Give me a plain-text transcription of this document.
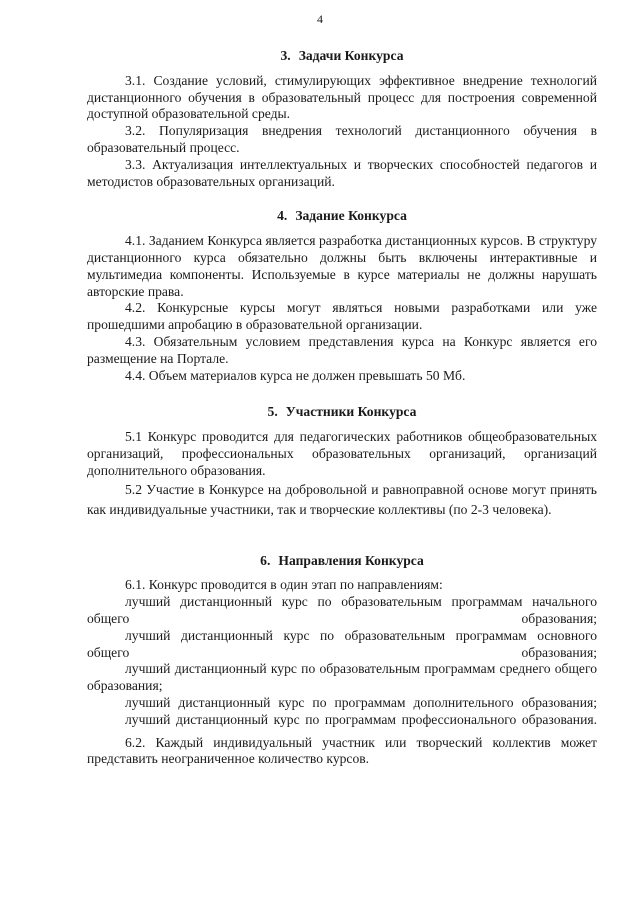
4
3. Задачи Конкурса

3.1. Создание условий, стимулирующих эффективное внедрение технологий дистанционного обучения в образовательный процесс для построения современной доступной образовательной среды.

3.2. Популяризация внедрения технологий дистанционного обучения в образовательный процесс.

3.3. Актуализация интеллектуальных и творческих способностей педагогов и методистов образовательных организаций.

4. Задание Конкурса

4.1. Заданием Конкурса является разработка дистанционных курсов. В структуру дистанционного курса обязательно должны быть включены интерактивные и мультимедиа компоненты. Используемые в курсе материалы не должны нарушать авторские права.

4.2. Конкурсные курсы могут являться новыми разработками или уже прошедшими апробацию в образовательной организации.

4.3. Обязательным условием представления курса на Конкурс является его размещение на Портале.

4.4. Объем материалов курса не должен превышать 50 Мб.

5. Участники Конкурса

5.1 Конкурс проводится для педагогических работников общеобразовательных организаций, профессиональных образовательных организаций, организаций дополнительного образования.

5.2 Участие в Конкурсе на добровольной и равноправной основе могут принять как индивидуальные участники, так и творческие коллективы (по 2-3 человека).

6. Направления Конкурса

6.1. Конкурс проводится в один этап по направлениям:

лучший дистанционный курс по образовательным программам начального общего образования;

лучший дистанционный курс по образовательным программам основного общего образования;

лучший дистанционный курс по образовательным программам среднего общего образования;

лучший дистанционный курс по программам дополнительного образования;

лучший дистанционный курс по программам профессионального образования.

6.2. Каждый индивидуальный участник или творческий коллектив может представить неограниченное количество курсов.
